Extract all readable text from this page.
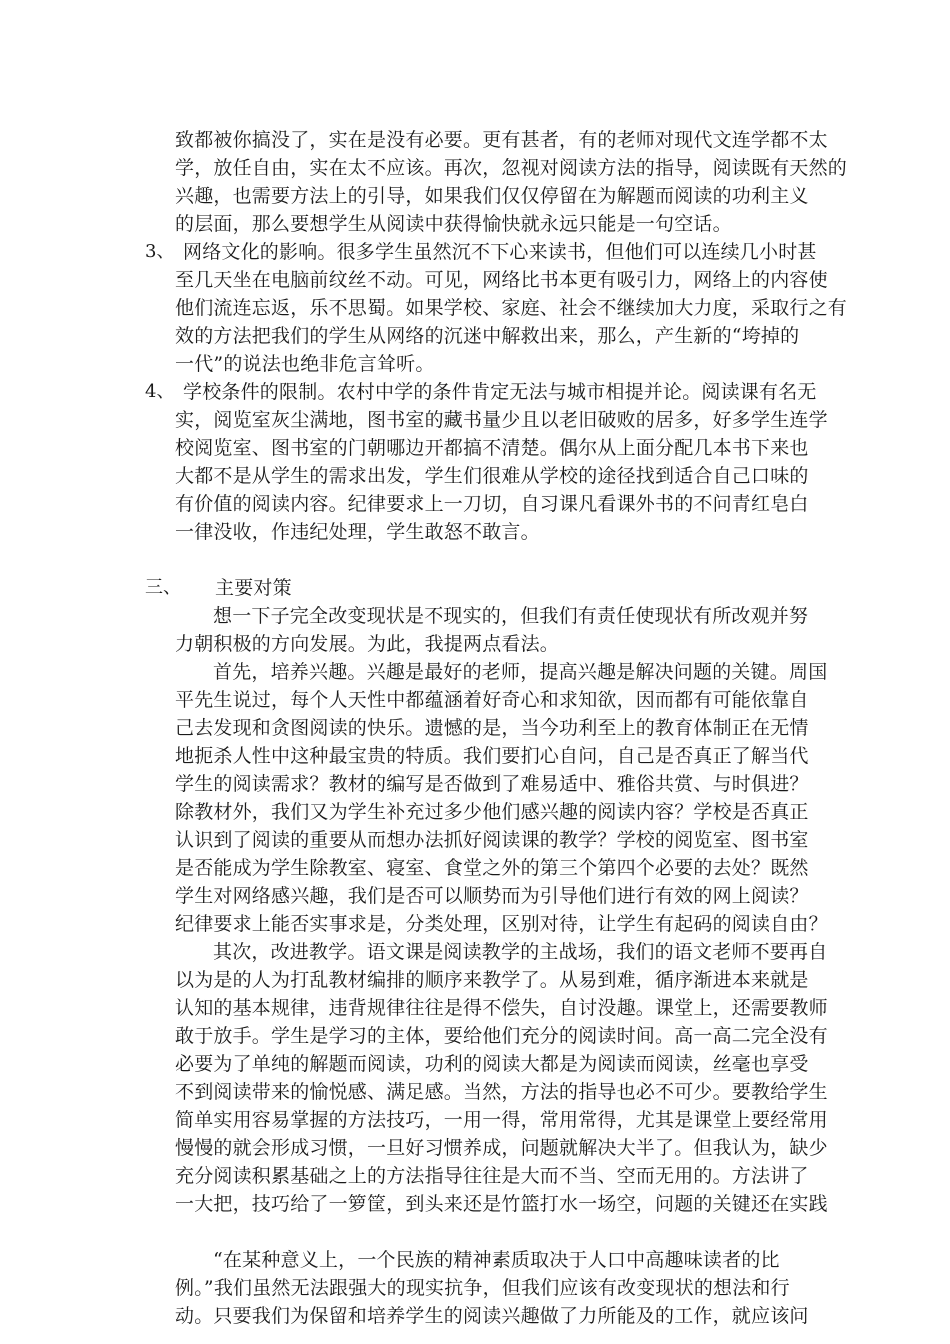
致都被你搞没了，实在是没有必要。更有甚者，有的老师对现代文连学都不太
学，放任自由，实在太不应该。再次，忽视对阅读方法的指导，阅读既有天然的
兴趣，也需要方法上的引导，如果我们仅仅停留在为解题而阅读的功利主义
的层面，那么要想学生从阅读中获得愉快就永远只能是一句空话。
3、 网络文化的影响。很多学生虽然沉不下心来读书，但他们可以连续几小时甚
至几天坐在电脑前纹丝不动。可见，网络比书本更有吸引力，网络上的内容使
他们流连忘返，乐不思蜀。如果学校、家庭、社会不继续加大力度，采取行之有
效的方法把我们的学生从网络的沉迷中解救出来，那么，产生新的“垮掉的
一代”的说法也绝非危言耸听。
4、 学校条件的限制。农村中学的条件肯定无法与城市相提并论。阅读课有名无
实，阅览室灰尘满地，图书室的藏书量少且以老旧破败的居多，好多学生连学
校阅览室、图书室的门朝哪边开都搞不清楚。偶尔从上面分配几本书下来也
大都不是从学生的需求出发，学生们很难从学校的途径找到适合自己口味的
有价值的阅读内容。纪律要求上一刀切，自习课凡看课外书的不问青红皂白
一律没收，作违纪处理，学生敢怒不敢言。
三、 主要对策
想一下子完全改变现状是不现实的，但我们有责任使现状有所改观并努
力朝积极的方向发展。为此，我提两点看法。
首先，培养兴趣。兴趣是最好的老师，提高兴趣是解决问题的关键。周国
平先生说过，每个人天性中都蕴涵着好奇心和求知欲，因而都有可能依靠自
己去发现和贪图阅读的快乐。遗憾的是，当今功利至上的教育体制正在无情
地扼杀人性中这种最宝贵的特质。我们要扪心自问，自己是否真正了解当代
学生的阅读需求？教材的编写是否做到了难易适中、雅俗共赏、与时俱进？
除教材外，我们又为学生补充过多少他们感兴趣的阅读内容？学校是否真正
认识到了阅读的重要从而想办法抓好阅读课的教学？学校的阅览室、图书室
是否能成为学生除教室、寝室、食堂之外的第三个第四个必要的去处？既然
学生对网络感兴趣，我们是否可以顺势而为引导他们进行有效的网上阅读？
纪律要求上能否实事求是，分类处理，区别对待，让学生有起码的阅读自由？
其次，改进教学。语文课是阅读教学的主战场，我们的语文老师不要再自
以为是的人为打乱教材编排的顺序来教学了。从易到难，循序渐进本来就是
认知的基本规律，违背规律往往是得不偿失，自讨没趣。课堂上，还需要教师
敢于放手。学生是学习的主体，要给他们充分的阅读时间。高一高二完全没有
必要为了单纯的解题而阅读，功利的阅读大都是为阅读而阅读，丝毫也享受
不到阅读带来的愉悦感、满足感。当然，方法的指导也必不可少。要教给学生
简单实用容易掌握的方法技巧，一用一得，常用常得，尤其是课堂上要经常用
慢慢的就会形成习惯，一旦好习惯养成，问题就解决大半了。但我认为，缺少
充分阅读积累基础之上的方法指导往往是大而不当、空而无用的。方法讲了
一大把，技巧给了一箩筐，到头来还是竹篮打水一场空，问题的关键还在实践
“在某种意义上，一个民族的精神素质取决于人口中高趣味读者的比
例。”我们虽然无法跟强大的现实抗争，但我们应该有改变现状的想法和行
动。只要我们为保留和培养学生的阅读兴趣做了力所能及的工作，就应该问
